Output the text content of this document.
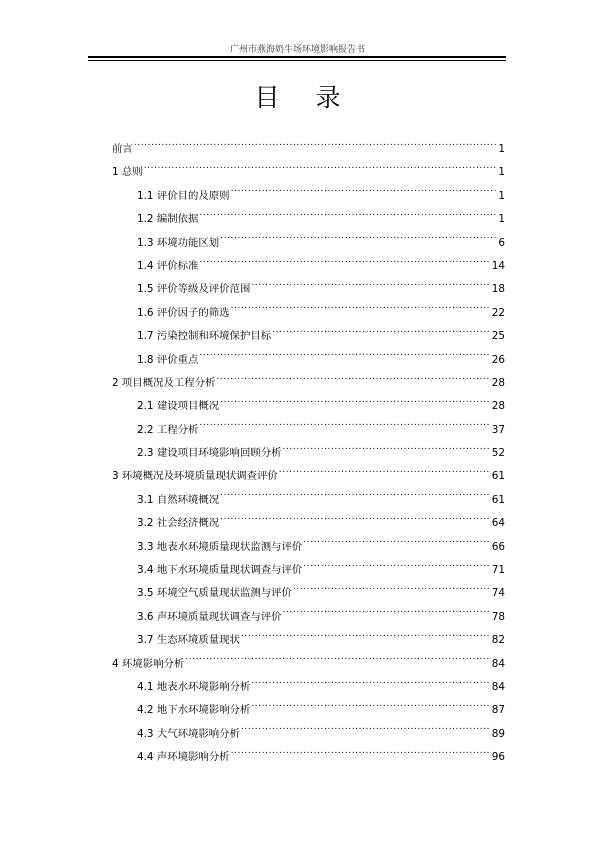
广州市燕海奶牛场环境影响报告书
目 录
前言 .....	1
1 总则 .....	1
1.1 评价目的及原则 .....	1
1.2 编制依据 .....	1
1.3 环境功能区划 .....	6
1.4 评价标准 .....	14
1.5 评价等级及评价范围 .....	18
1.6 评价因子的筛选 .....	22
1.7 污染控制和环境保护目标 .....	25
1.8 评价重点 .....	26
2 项目概况及工程分析 .....	28
2.1 建设项目概况 .....	28
2.2 工程分析 .....	37
2.3 建设项目环境影响回顾分析 .....	52
3 环境概况及环境质量现状调查评价 .....	61
3.1 自然环境概况 .....	61
3.2 社会经济概况 .....	64
3.3 地表水环境质量现状监测与评价 .....	66
3.4 地下水环境质量现状调查与评价 .....	71
3.5 环境空气质量现状监测与评价 .....	74
3.6 声环境质量现状调查与评价 .....	78
3.7 生态环境质量现状 .....	82
4 环境影响分析 .....	84
4.1 地表水环境影响分析 .....	84
4.2 地下水环境影响分析 .....	87
4.3 大气环境影响分析 .....	89
4.4 声环境影响分析 .....	96
